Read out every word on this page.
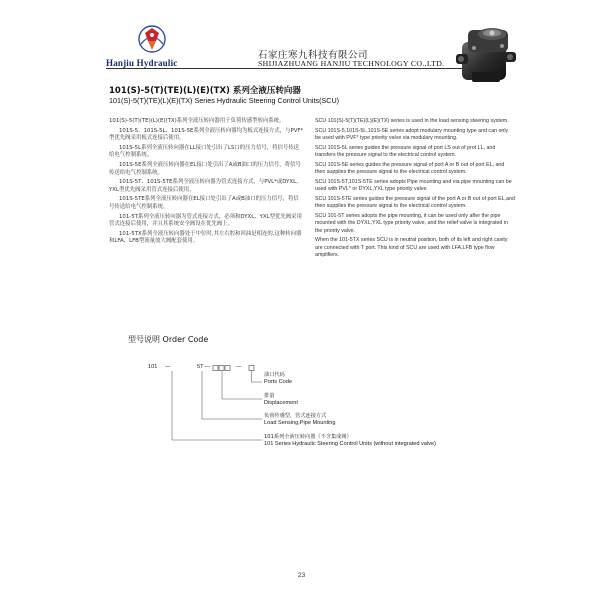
Hanjiu Hydraulic
石家庄寒九科技有限公司
SHIJIAZHUANG HANJIU TECHNOLOGY CO.,LTD.
101(S)-5(T)(TE)(L)(E)(TX) 系列全液压转向器
101(S)-5(T)(TE)(L)(E)(TX) Series Hydraulic Steering Control Units(SCU)

101(S)-5(T)(TE)(L)(E)(TX)系列全液压转向器用于负荷传感型转向系统。

101S-5、101S-5L、101S-5E系列全液压转向器均为板式连接方式，与PVF*型优先阀采用板式连接后使用。

101S-5L系列全液压转向器在LL接口处引出了LS口的压力信号，将信号传送给电气控制系统。

101S-5E系列全液压转向器在EL接口处引出了A或B油口的压力信号，将信号传送给电气控制系统。

101S-5T、101S-5TE系列全液压转向器为管式连接方式，与PVL*或DYXL、YXL型优先阀采用管式连接后使用。

101S-5TE系列全液压转向器在EL接口处引出了A或B油口的压力信号，将信号传送给电气控制系统。

101-5T系列全液压转向器为管式连接方式，必须和DYXL、YXL型优先阀采用管式连接后使用，并且其系统安全阀设在优先阀上。

101-5TX系列全液压转向器处于中位时,其左右腔和回油是相连的,这种转向器和LFA、LFB型流量放大阀配套使用。

SCU 101(S)-5(T)(TE)(L)(E)(TX) series is used in the load sensing steering system.

SCU 101S-5,101S-5L,101S-5E series adopt modulary mounting type and can only be used with PVF* type priority valve via modulary mounting.

SCU 101S-5L series guides the pressure signal of port LS out of prot LL, and transfers the pressure signal to the electrical control system.

SCU 101S-5E series guides the pressure signal of port A or B out of port EL, and then supplies the pressure signal to the electrical control system.

SCU 101S-5T,101S-5TE series adopts Pipe mounting and via pipe mounting can be used with PVL* or DYXL,YXL type priority valve.

SCU 101S-5TE series guides the pressure signal of the port A or B out of port EL,and then supplies the pressure signal to the electrical control system.

SCU 101-5T series adopts the pipe mounting, it can be used only after the pipe mounted with the DYXL,YXL type priority valve, and the relief valve is integrated in the priority valve.

When the 101-5TX series SCU is in neutral position, both of its left and right cavity are connected with T port. This kind of SCU are used with LFA,LFB type flow amplifiers.

型号说明 Order Code
101 —	5T —	—
油口代码
Ports Code
排量
Displacement
负荷传感型，管式连接方式
Load Sensing,Pipe Mounting
101系列全液压转向器（不含集成阀）
101 Series Hydraulic Steering Control Units (without integrated valve)
23
